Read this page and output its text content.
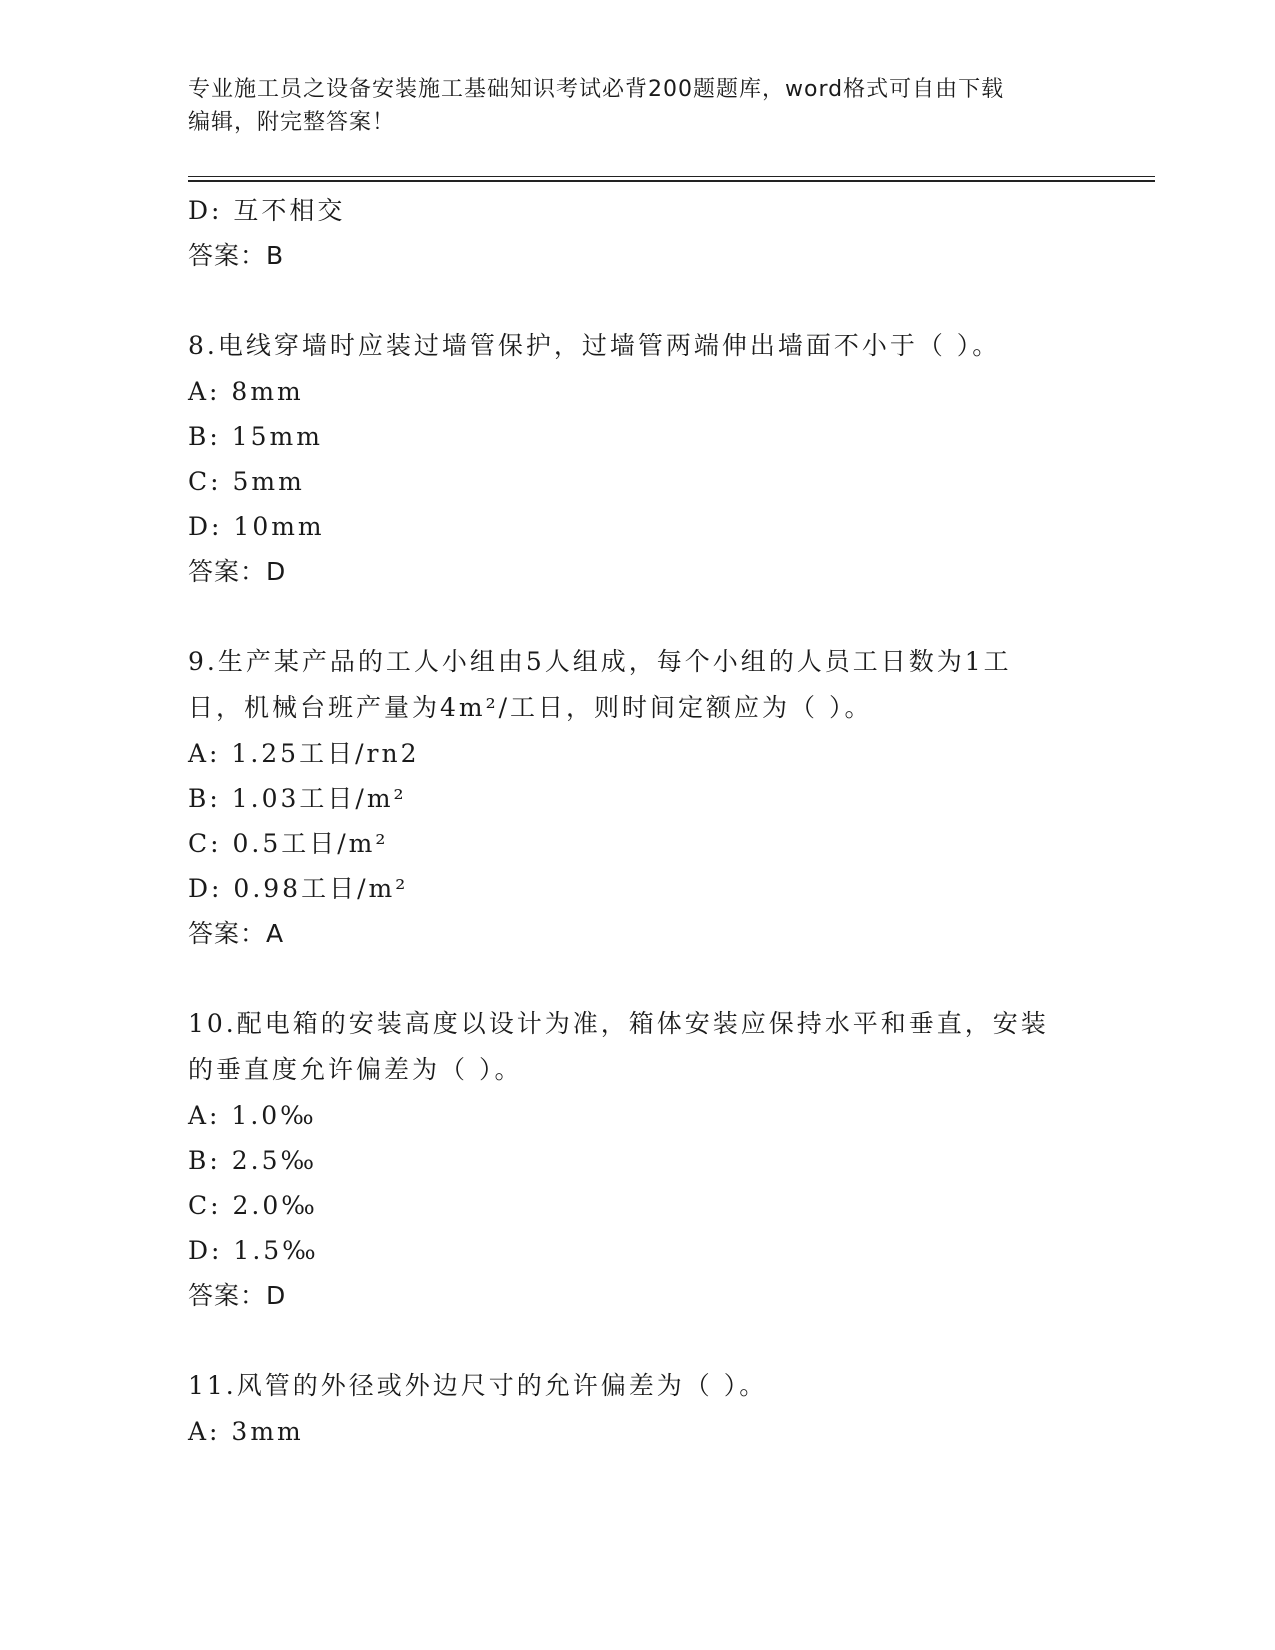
专业施工员之设备安装施工基础知识考试必背200题题库，word格式可自由下载
编辑，附完整答案！
D: 互不相交
答案：B
8.电线穿墙时应装过墙管保护，过墙管两端伸出墙面不小于（ ）。
A: 8mm
B: 15mm
C: 5mm
D: 10mm
答案：D
9.生产某产品的工人小组由5人组成，每个小组的人员工日数为1工
日，机械台班产量为4m²/工日，则时间定额应为（ ）。
A: 1.25工日/rn2
B: 1.03工日/m²
C: 0.5工日/m²
D: 0.98工日/m²
答案：A
10.配电箱的安装高度以设计为准，箱体安装应保持水平和垂直，安装
的垂直度允许偏差为（ ）。
A: 1.0‰
B: 2.5‰
C: 2.0‰
D: 1.5‰
答案：D
11.风管的外径或外边尺寸的允许偏差为（ ）。
A: 3mm
